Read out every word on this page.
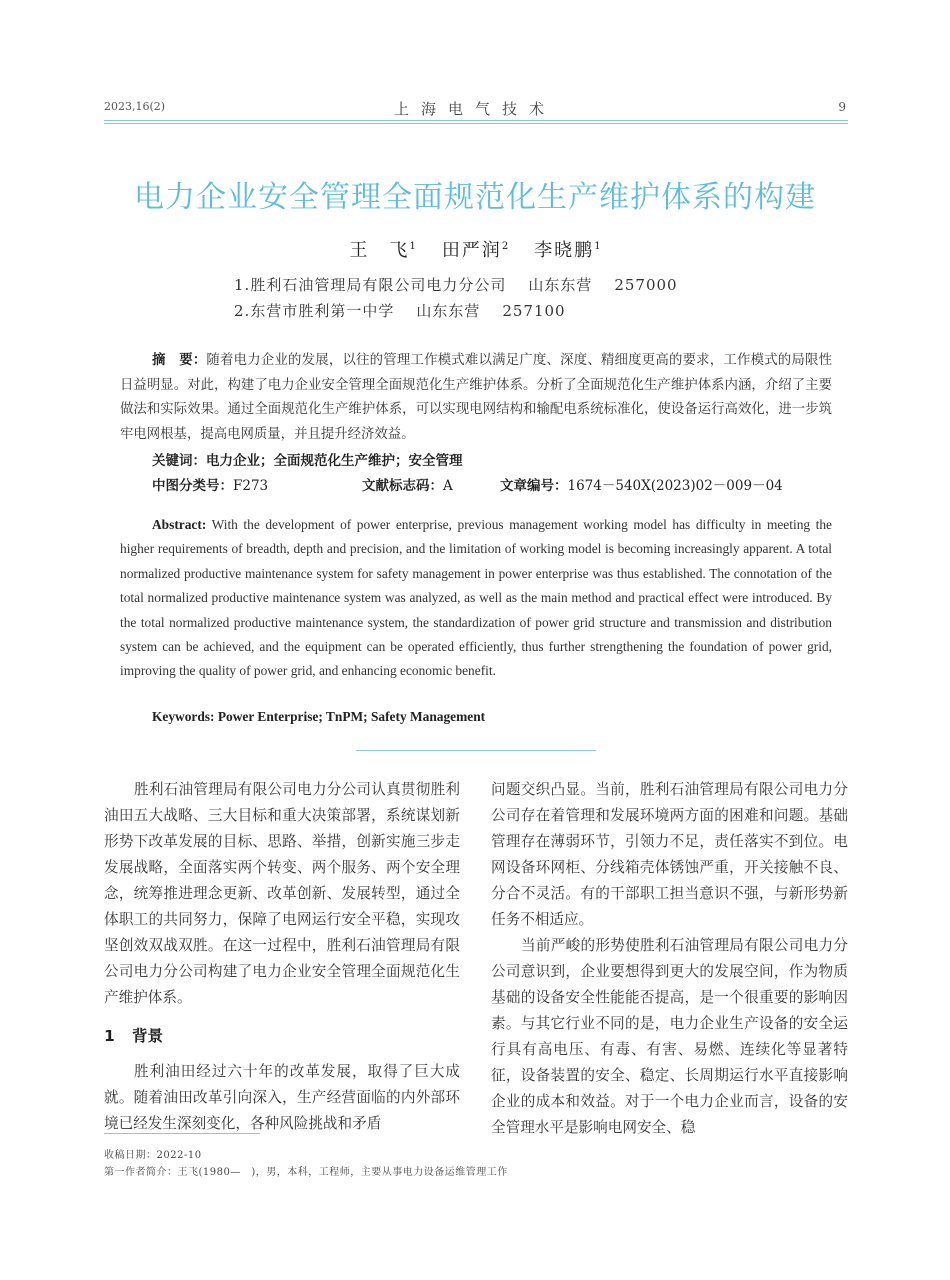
2023,16(2)	上海电气技术	9
电力企业安全管理全面规范化生产维护体系的构建
王　飞$^1$ 田严润$^2$ 李晓鹏$^1$
1.胜利石油管理局有限公司电力分公司 山东东营 257000
2.东营市胜利第一中学 山东东营 257100
摘　要：随着电力企业的发展，以往的管理工作模式难以满足广度、深度、精细度更高的要求，工作模式的局限性日益明显。对此，构建了电力企业安全管理全面规范化生产维护体系。分析了全面规范化生产维护体系内涵，介绍了主要做法和实际效果。通过全面规范化生产维护体系，可以实现电网结构和输配电系统标准化，使设备运行高效化，进一步筑牢电网根基，提高电网质量，并且提升经济效益。
关键词：电力企业；全面规范化生产维护；安全管理
中图分类号：F273	文献标志码：A	文章编号：1674－540X(2023)02－009－04
Abstract: With the development of power enterprise, previous management working model has difficulty in meeting the higher requirements of breadth, depth and precision, and the limitation of working model is becoming increasingly apparent. A total normalized productive maintenance system for safety management in power enterprise was thus established. The connotation of the total normalized productive maintenance system was analyzed, as well as the main method and practical effect were introduced. By the total normalized productive maintenance system, the standardization of power grid structure and transmission and distribution system can be achieved, and the equipment can be operated efficiently, thus further strengthening the foundation of power grid, improving the quality of power grid, and enhancing economic benefit.
Keywords: Power Enterprise; TnPM; Safety Management

胜利石油管理局有限公司电力分公司认真贯彻胜利油田五大战略、三大目标和重大决策部署，系统谋划新形势下改革发展的目标、思路、举措，创新实施三步走发展战略，全面落实两个转变、两个服务、两个安全理念，统筹推进理念更新、改革创新、发展转型，通过全体职工的共同努力，保障了电网运行安全平稳，实现攻坚创效双战双胜。在这一过程中，胜利石油管理局有限公司电力分公司构建了电力企业安全管理全面规范化生产维护体系。

1 背景

胜利油田经过六十年的改革发展，取得了巨大成就。随着油田改革引向深入，生产经营面临的内外部环境已经发生深刻变化，各种风险挑战和矛盾

问题交织凸显。当前，胜利石油管理局有限公司电力分公司存在着管理和发展环境两方面的困难和问题。基础管理存在薄弱环节，引领力不足，责任落实不到位。电网设备环网柜、分线箱壳体锈蚀严重，开关接触不良、分合不灵活。有的干部职工担当意识不强，与新形势新任务不相适应。

当前严峻的形势使胜利石油管理局有限公司电力分公司意识到，企业要想得到更大的发展空间，作为物质基础的设备安全性能能否提高，是一个很重要的影响因素。与其它行业不同的是，电力企业生产设备的安全运行具有高电压、有毒、有害、易燃、连续化等显著特征，设备装置的安全、稳定、长周期运行水平直接影响企业的成本和效益。对于一个电力企业而言，设备的安全管理水平是影响电网安全、稳

收稿日期：2022-10
第一作者简介：王飞(1980—　)，男，本科，工程师，主要从事电力设备运维管理工作
